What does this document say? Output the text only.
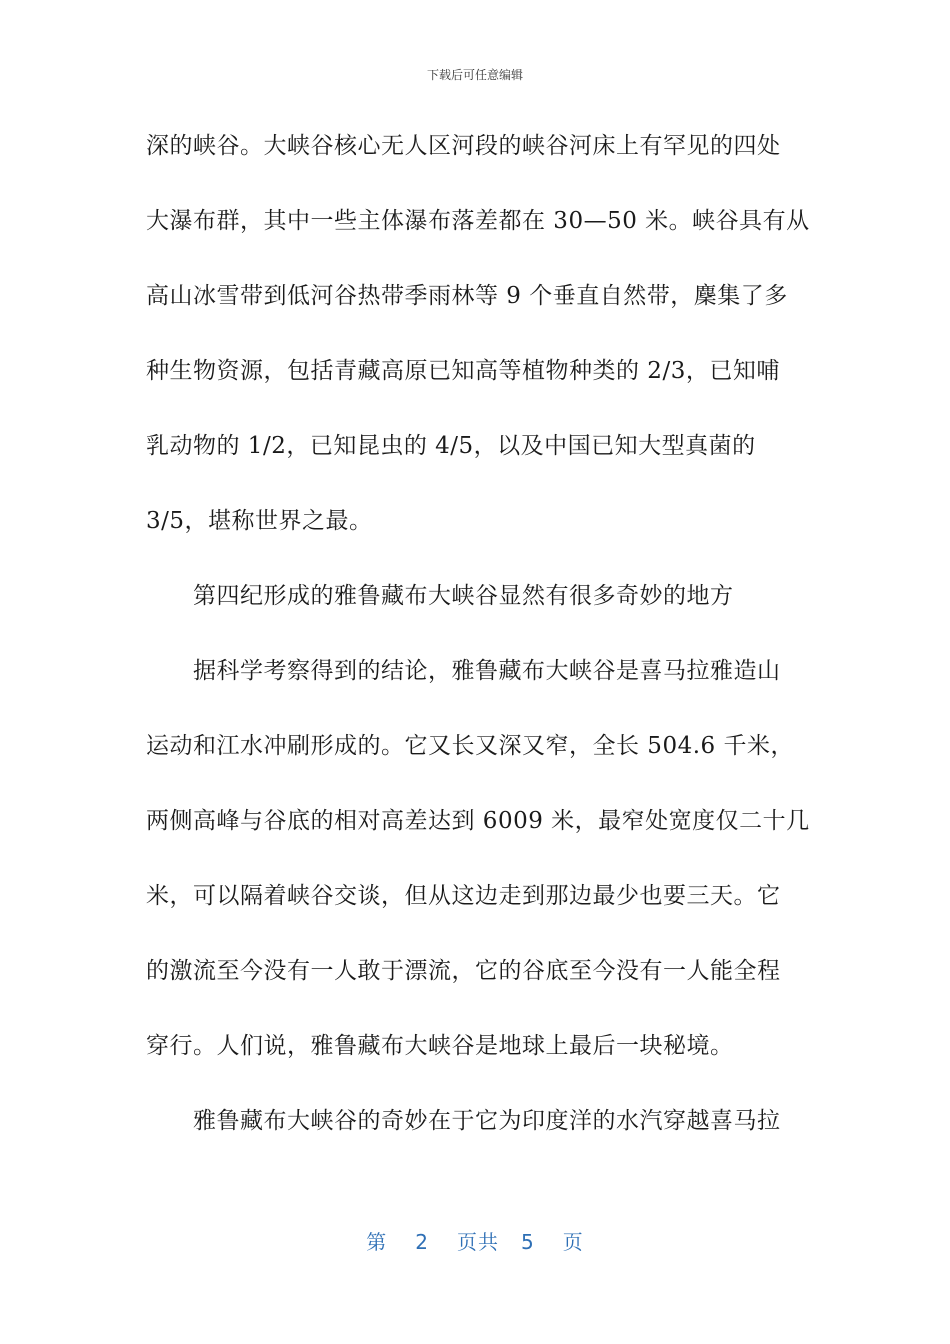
下载后可任意编辑
深的峡谷。大峡谷核心无人区河段的峡谷河床上有罕见的四处
大瀑布群，其中一些主体瀑布落差都在 30—50 米。峡谷具有从
高山冰雪带到低河谷热带季雨林等 9 个垂直自然带，麇集了多
种生物资源，包括青藏高原已知高等植物种类的 2/3，已知哺
乳动物的 1/2，已知昆虫的 4/5，以及中国已知大型真菌的
3/5，堪称世界之最。
第四纪形成的雅鲁藏布大峡谷显然有很多奇妙的地方
据科学考察得到的结论，雅鲁藏布大峡谷是喜马拉雅造山
运动和江水冲刷形成的。它又长又深又窄，全长 504.6 千米，
两侧高峰与谷底的相对高差达到 6009 米，最窄处宽度仅二十几
米，可以隔着峡谷交谈，但从这边走到那边最少也要三天。它
的激流至今没有一人敢于漂流，它的谷底至今没有一人能全程
穿行。人们说，雅鲁藏布大峡谷是地球上最后一块秘境。
雅鲁藏布大峡谷的奇妙在于它为印度洋的水汽穿越喜马拉
第 2 页共 5 页
